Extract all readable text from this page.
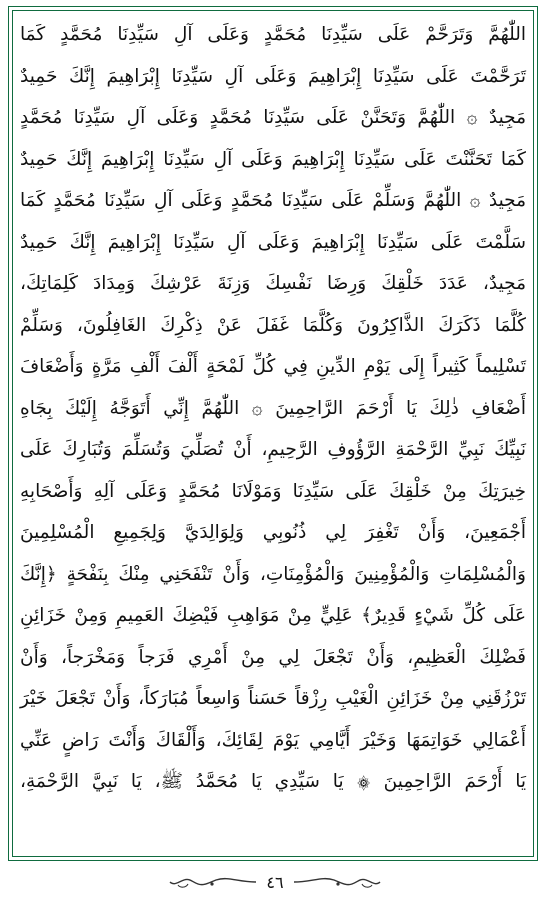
اللّٰهُمَّ وَتَرَحَّمْ عَلَى سَيِّدِنَا مُحَمَّدٍ وَعَلَى آلِ سَيِّدِنَا مُحَمَّدٍ كَمَا
تَرَحَّمْتَ عَلَى سَيِّدِنَا إِبْرَاهِيمَ وَعَلَى آلِ سَيِّدِنَا إِبْرَاهِيمَ إِنَّكَ حَمِيدٌ
مَجِيدٌ ۞ اللّٰهُمَّ وَتَحَنَّنْ عَلَى سَيِّدِنَا مُحَمَّدٍ وَعَلَى آلِ سَيِّدِنَا مُحَمَّدٍ
كَمَا تَحَنَّنْتَ عَلَى سَيِّدِنَا إِبْرَاهِيمَ وَعَلَى آلِ سَيِّدِنَا إِبْرَاهِيمَ إِنَّكَ حَمِيدٌ
مَجِيدٌ ۞ اللّٰهُمَّ وَسَلِّمْ عَلَى سَيِّدِنَا مُحَمَّدٍ وَعَلَى آلِ سَيِّدِنَا مُحَمَّدٍ كَمَا
سَلَّمْتَ عَلَى سَيِّدِنَا إِبْرَاهِيمَ وَعَلَى آلِ سَيِّدِنَا إِبْرَاهِيمَ إِنَّكَ حَمِيدٌ
مَجِيدٌ، عَدَدَ خَلْقِكَ وَرِضَا نَفْسِكَ وَزِنَةَ عَرْشِكَ وَمِدَادَ كَلِمَاتِكَ،
كُلَّمَا ذَكَرَكَ الذَّاكِرُونَ وَكُلَّمَا غَفَلَ عَنْ ذِكْرِكَ الغَافِلُونَ، وَسَلِّمْ
تَسْلِيماً كَثِيراً إِلَى يَوْمِ الدِّينِ فِي كُلِّ لَمْحَةٍ أَلْفَ أَلْفِ مَرَّةٍ وَأَضْعَافَ
أَضْعَافِ ذٰلِكَ يَا أَرْحَمَ الرَّاحِمِينَ ۞ اللّٰهُمَّ إِنِّي أَتَوَجَّهُ إِلَيْكَ بِجَاهِ
نَبِيِّكَ نَبِيِّ الرَّحْمَةِ الرَّؤُوفِ الرَّحِيمِ، أَنْ تُصَلِّيَ وَتُسَلِّمَ وَتُبَارِكَ عَلَى
خِيرَتِكَ مِنْ خَلْقِكَ عَلَى سَيِّدِنَا وَمَوْلَانَا مُحَمَّدٍ وَعَلَى آلِهِ وَأَصْحَابِهِ
أَجْمَعِينَ، وَأَنْ تَغْفِرَ لِي ذُنُوبِي وَلِوَالِدَيَّ وَلِجَمِيعِ الْمُسْلِمِينَ
وَالْمُسْلِمَاتِ وَالْمُؤْمِنِينَ وَالْمُؤْمِنَاتِ، وَأَنْ تَنْفَحَنِي مِنْكَ بِنَفْحَةٍ ﴿إِنَّكَ
عَلَى كُلِّ شَيْءٍ قَدِيرٌ﴾ عَلِيٍّ مِنْ مَوَاهِبِ فَيْضِكَ العَمِيمِ وَمِنْ خَزَائِنِ
فَضْلِكَ الْعَظِيمِ، وَأَنْ تَجْعَلَ لِي مِنْ أَمْرِي فَرَجاً وَمَخْرَجاً، وَأَنْ
تَرْزُقَنِي مِنْ خَزَائِنِ الْغَيْبِ رِزْقاً حَسَناً وَاسِعاً مُبَارَكاً، وَأَنْ تَجْعَلَ خَيْرَ
أَعْمَالِي خَوَاتِمَهَا وَخَيْرَ أَيَّامِي يَوْمَ لِقَائِكَ، وَأَلْقَاكَ وَأَنْتَ رَاضٍ عَنِّي
يَا أَرْحَمَ الرَّاحِمِينَ ۞ يَا سَيِّدِي يَا مُحَمَّدُ ﷺ، يَا نَبِيَّ الرَّحْمَةِ،
٤٦
